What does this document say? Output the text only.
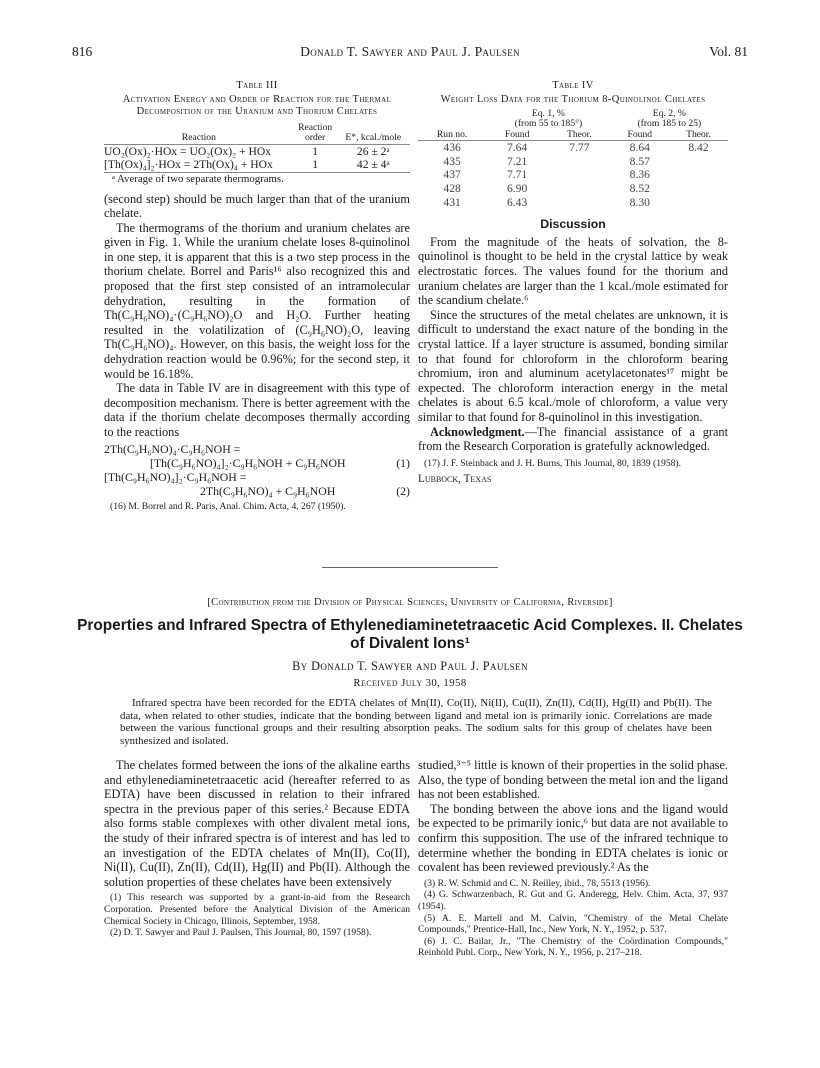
816	Donald T. Sawyer and Paul J. Paulsen	Vol. 81
Table III
Activation Energy and Order of Reaction for the Thermal Decomposition of the Uranium and Thorium Chelates
Reaction	Reaction order	E*, kcal./mole
UO₂(Ox)₂·HOx = UO₂(Ox)₂ + HOx	1	26 ± 2ᵃ
[Th(Ox)₄]₂·HOx = 2Th(Ox)₄ + HOx	1	42 ± 4ᵃ
ᵃ Average of two separate thermograms.

(second step) should be much larger than that of the uranium chelate.

The thermograms of the thorium and uranium chelates are given in Fig. 1. While the uranium chelate loses 8-quinolinol in one step, it is apparent that this is a two step process in the thorium chelate. Borrel and Paris¹⁶ also recognized this and proposed that the first step consisted of an intramolecular dehydration, resulting in the formation of Th(C₉H₆NO)₄·(C₉H₆NO)₂O and H₂O. Further heating resulted in the volatilization of (C₉H₆NO)₂O, leaving Th(C₉H₆NO)₄. However, on this basis, the weight loss for the dehydration reaction would be 0.96%; for the second step, it would be 16.18%.

The data in Table IV are in disagreement with this type of decomposition mechanism. There is better agreement with the data if the thorium chelate decomposes thermally according to the reactions

2Th(C₉H₆NO)₄·C₉H₆NOH =
[Th(C₉H₆NO)₄]₂·C₉H₆NOH + C₉H₆NOH	(1)
[Th(C₉H₆NO)₄]₂·C₉H₆NOH =
2Th(C₉H₆NO)₄ + C₉H₆NOH	(2)
(16) M. Borrel and R. Paris, Anal. Chim. Acta, 4, 267 (1950).
Table IV
Weight Loss Data for the Thorium 8-Quinolinol Chelates
Run no.	Eq. 1, %		Eq. 2, %	
	(from 55 to 185°)		(from 185 to 25)	
	Found	Theor.	Found	Theor.
436	7.64	7.77	8.64	8.42
435	7.21		8.57	
437	7.71		8.36	
428	6.90		8.52	
431	6.43		8.30	
Discussion

From the magnitude of the heats of solvation, the 8-quinolinol is thought to be held in the crystal lattice by weak electrostatic forces. The values found for the thorium and uranium chelates are larger than the 1 kcal./mole estimated for the scandium chelate.⁶

Since the structures of the metal chelates are unknown, it is difficult to understand the exact nature of the bonding in the crystal lattice. If a layer structure is assumed, bonding similar to that found for chloroform in the chloroform bearing chromium, iron and aluminum acetylacetonates¹⁷ might be expected. The chloroform interaction energy in the metal chelates is about 6.5 kcal./mole of chloroform, a value very similar to that found for 8-quinolinol in this investigation.

Acknowledgment.—The financial assistance of a grant from the Research Corporation is gratefully acknowledged.

(17) J. F. Steinback and J. H. Burns, This Journal, 80, 1839 (1958).
Lubbock, Texas
[Contribution from the Division of Physical Sciences, University of California, Riverside]
Properties and Infrared Spectra of Ethylenediaminetetraacetic Acid Complexes. II. Chelates of Divalent Ions¹
By Donald T. Sawyer and Paul J. Paulsen
Received July 30, 1958
Infrared spectra have been recorded for the EDTA chelates of Mn(II), Co(II), Ni(II), Cu(II), Zn(II), Cd(II), Hg(II) and Pb(II). The data, when related to other studies, indicate that the bonding between ligand and metal ion is primarily ionic. Correlations are made between the various functional groups and their resulting absorption peaks. The sodium salts for this group of chelates have been synthesized and isolated.

The chelates formed between the ions of the alkaline earths and ethylenediaminetetraacetic acid (hereafter referred to as EDTA) have been discussed in relation to their infrared spectra in the previous paper of this series.² Because EDTA also forms stable complexes with other divalent metal ions, the study of their infrared spectra is of interest and has led to an investigation of the EDTA chelates of Mn(II), Co(II), Ni(II), Cu(II), Zn(II), Cd(II), Hg(II) and Pb(II). Although the solution properties of these chelates have been extensively

(1) This research was supported by a grant-in-aid from the Research Corporation. Presented before the Analytical Division of the American Chemical Society in Chicago, Illinois, September, 1958.
(2) D. T. Sawyer and Paul J. Paulsen, This Journal, 80, 1597 (1958).

studied,³⁻⁵ little is known of their properties in the solid phase. Also, the type of bonding between the metal ion and the ligand has not been established.

The bonding between the above ions and the ligand would be expected to be primarily ionic,⁶ but data are not available to confirm this supposition. The use of the infrared technique to determine whether the bonding in EDTA chelates is ionic or covalent has been reviewed previously.² As the

(3) R. W. Schmid and C. N. Reilley, ibid., 78, 5513 (1956).
(4) G. Schwarzenbach, R. Gut and G. Anderegg, Helv. Chim. Acta, 37, 937 (1954).
(5) A. E. Martell and M. Calvin, "Chemistry of the Metal Chelate Compounds," Prentice-Hall, Inc., New York, N. Y., 1952, p. 537.
(6) J. C. Bailar, Jr., "The Chemistry of the Coördination Compounds," Reinhold Publ. Corp., New York, N. Y., 1956, p. 217–218.
